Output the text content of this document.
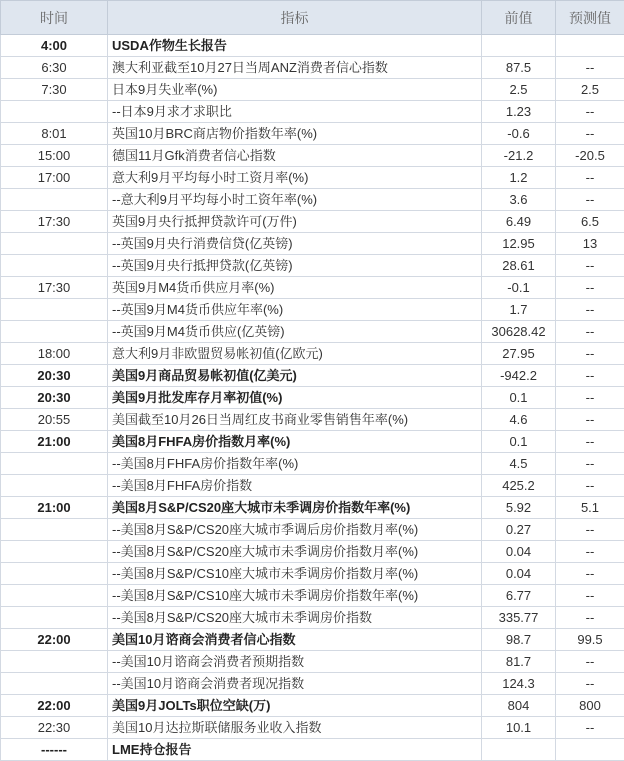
时间	指标	前值	预测值
4:00	USDA作物生长报告		
6:30	澳大利亚截至10月27日当周ANZ消费者信心指数	87.5	--
7:30	日本9月失业率(%)	2.5	2.5
	--日本9月求才求职比	1.23	--
8:01	英国10月BRC商店物价指数年率(%)	-0.6	--
15:00	德国11月Gfk消费者信心指数	-21.2	-20.5
17:00	意大利9月平均每小时工资月率(%)	1.2	--
	--意大利9月平均每小时工资年率(%)	3.6	--
17:30	英国9月央行抵押贷款许可(万件)	6.49	6.5
	--英国9月央行消费信贷(亿英镑)	12.95	13
	--英国9月央行抵押贷款(亿英镑)	28.61	--
17:30	英国9月M4货币供应月率(%)	-0.1	--
	--英国9月M4货币供应年率(%)	1.7	--
	--英国9月M4货币供应(亿英镑)	30628.42	--
18:00	意大利9月非欧盟贸易帐初值(亿欧元)	27.95	--
20:30	美国9月商品贸易帐初值(亿美元)	-942.2	--
20:30	美国9月批发库存月率初值(%)	0.1	--
20:55	美国截至10月26日当周红皮书商业零售销售年率(%)	4.6	--
21:00	美国8月FHFA房价指数月率(%)	0.1	--
	--美国8月FHFA房价指数年率(%)	4.5	--
	--美国8月FHFA房价指数	425.2	--
21:00	美国8月S&P/CS20座大城市未季调房价指数年率(%)	5.92	5.1
	--美国8月S&P/CS20座大城市季调后房价指数月率(%)	0.27	--
	--美国8月S&P/CS20座大城市未季调房价指数月率(%)	0.04	--
	--美国8月S&P/CS10座大城市未季调房价指数月率(%)	0.04	--
	--美国8月S&P/CS10座大城市未季调房价指数年率(%)	6.77	--
	--美国8月S&P/CS20座大城市未季调房价指数	335.77	--
22:00	美国10月谘商会消费者信心指数	98.7	99.5
	--美国10月谘商会消费者预期指数	81.7	--
	--美国10月谘商会消费者现况指数	124.3	--
22:00	美国9月JOLTs职位空缺(万)	804	800
22:30	美国10月达拉斯联储服务业收入指数	10.1	--
------	LME持仓报告		
